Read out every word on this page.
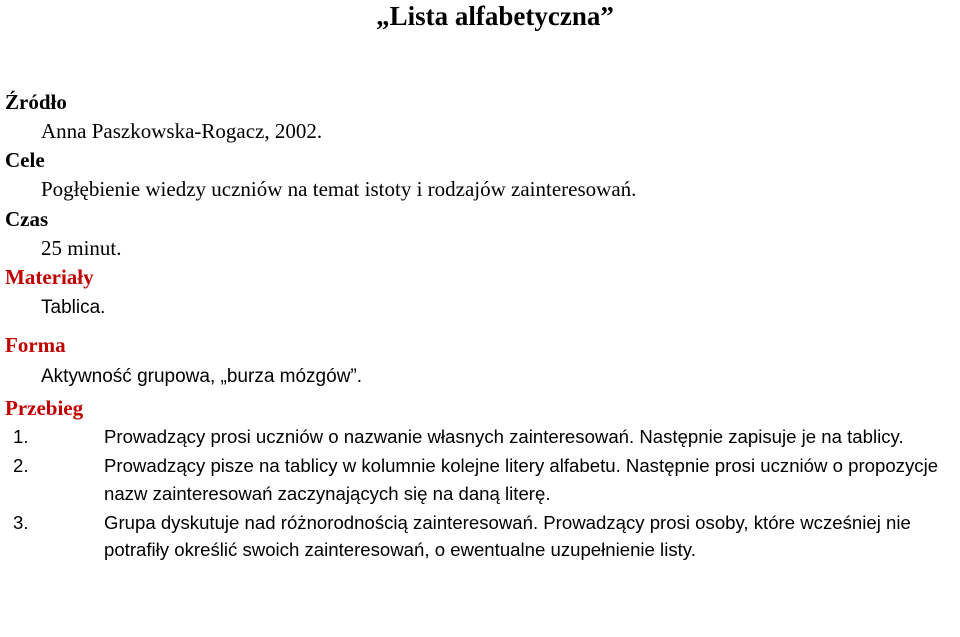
„Lista alfabetyczna”
Źródło
Anna Paszkowska-Rogacz, 2002.
Cele
Pogłębienie wiedzy uczniów na temat istoty i rodzajów zainteresowań.
Czas
25 minut.
Materiały
Tablica.
Forma
Aktywność grupowa, „burza mózgów”.
Przebieg
1.	Prowadzący prosi uczniów o nazwanie własnych zainteresowań. Następnie zapisuje je na tablicy.
2.	Prowadzący pisze na tablicy w kolumnie kolejne litery alfabetu. Następnie prosi uczniów o propozycje nazw zainteresowań zaczynających się na daną literę.
3.	Grupa dyskutuje nad różnorodnością zainteresowań. Prowadzący prosi osoby, które wcześniej nie potrafiły określić swoich zainteresowań, o ewentualne uzupełnienie listy.
